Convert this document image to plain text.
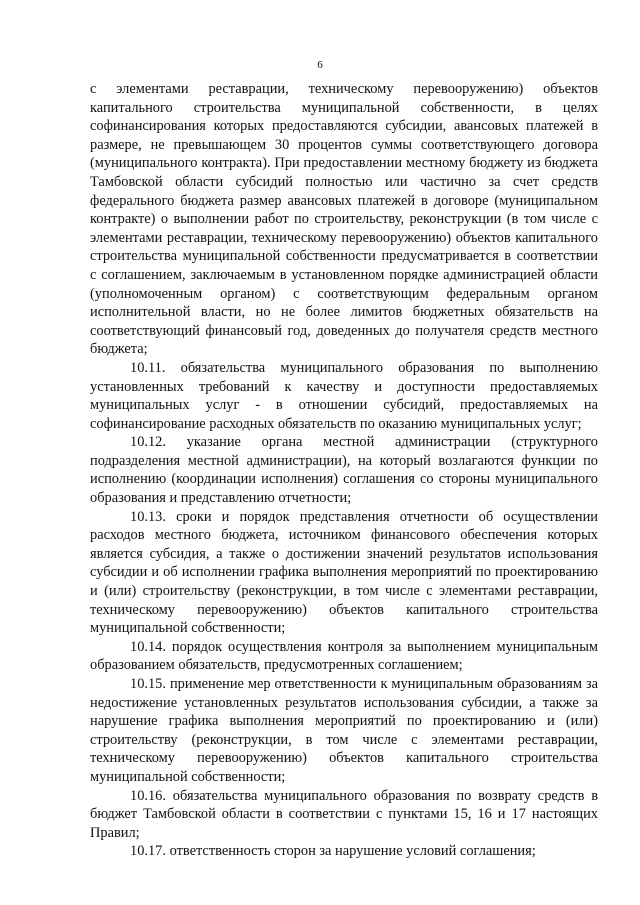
6

с элементами реставрации, техническому перевооружению) объектов капитального строительства муниципальной собственности, в целях софинансирования которых предоставляются субсидии, авансовых платежей в размере, не превышающем 30 процентов суммы соответствующего договора (муниципального контракта). При предоставлении местному бюджету из бюджета Тамбовской области субсидий полностью или частично за счет средств федерального бюджета размер авансовых платежей в договоре (муниципальном контракте) о выполнении работ по строительству, реконструкции (в том числе с элементами реставрации, техническому перевооружению) объектов капитального строительства муниципальной собственности предусматривается в соответствии с соглашением, заключаемым в установленном порядке администрацией области (уполномоченным органом) с соответствующим федеральным органом исполнительной власти, но не более лимитов бюджетных обязательств на соответствующий финансовый год, доведенных до получателя средств местного бюджета;

10.11. обязательства муниципального образования по выполнению установленных требований к качеству и доступности предоставляемых муниципальных услуг - в отношении субсидий, предоставляемых на софинансирование расходных обязательств по оказанию муниципальных услуг;

10.12. указание органа местной администрации (структурного подразделения местной администрации), на который возлагаются функции по исполнению (координации исполнения) соглашения со стороны муниципального образования и представлению отчетности;

10.13. сроки и порядок представления отчетности об осуществлении расходов местного бюджета, источником финансового обеспечения которых является субсидия, а также о достижении значений результатов использования субсидии и об исполнении графика выполнения мероприятий по проектированию и (или) строительству (реконструкции, в том числе с элементами реставрации, техническому перевооружению) объектов капитального строительства муниципальной собственности;

10.14. порядок осуществления контроля за выполнением муниципальным образованием обязательств, предусмотренных соглашением;

10.15. применение мер ответственности к муниципальным образованиям за недостижение установленных результатов использования субсидии, а также за нарушение графика выполнения мероприятий по проектированию и (или) строительству (реконструкции, в том числе с элементами реставрации, техническому перевооружению) объектов капитального строительства муниципальной собственности;

10.16. обязательства муниципального образования по возврату средств в бюджет Тамбовской области в соответствии с пунктами 15, 16 и 17 настоящих Правил;

10.17. ответственность сторон за нарушение условий соглашения;
